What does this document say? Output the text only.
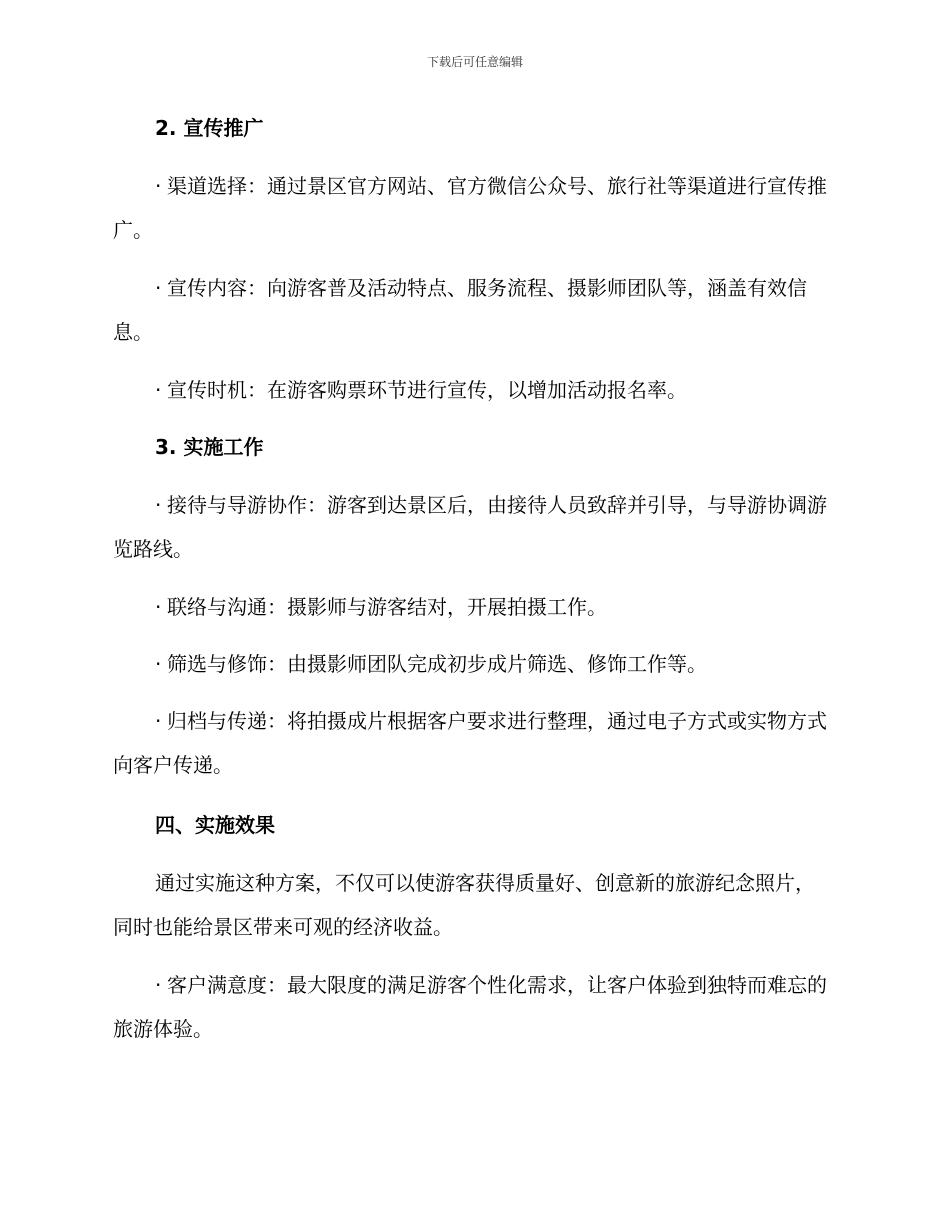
下载后可任意编辑
2. 宣传推广

· 渠道选择：通过景区官方网站、官方微信公众号、旅行社等渠道进行宣传推广。

· 宣传内容：向游客普及活动特点、服务流程、摄影师团队等，涵盖有效信息。

· 宣传时机：在游客购票环节进行宣传，以增加活动报名率。

3. 实施工作

· 接待与导游协作：游客到达景区后，由接待人员致辞并引导，与导游协调游览路线。

· 联络与沟通：摄影师与游客结对，开展拍摄工作。

· 筛选与修饰：由摄影师团队完成初步成片筛选、修饰工作等。

· 归档与传递：将拍摄成片根据客户要求进行整理，通过电子方式或实物方式向客户传递。

四、实施效果

通过实施这种方案，不仅可以使游客获得质量好、创意新的旅游纪念照片，同时也能给景区带来可观的经济收益。

· 客户满意度：最大限度的满足游客个性化需求，让客户体验到独特而难忘的旅游体验。
